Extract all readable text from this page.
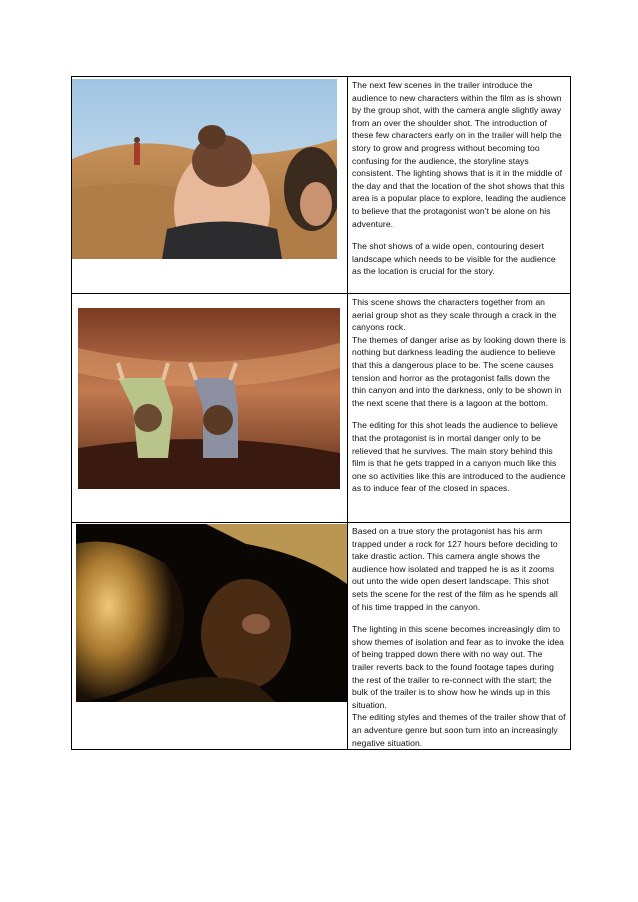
The next few scenes in the trailer introduce the audience to new characters within the film as is shown by the group shot, with the camera angle slightly away from an over the shoulder shot. The introduction of these few characters early on in the trailer will help the story to grow and progress without becoming too confusing for the audience, the storyline stays consistent. The lighting shows that is it in the middle of the day and that the location of the shot shows that this area is a popular place to explore, leading the audience to believe that the protagonist won’t be alone on his adventure.

The shot shows of a wide open, contouring desert landscape which needs to be visible for the audience as the location is crucial for the story.

This scene shows the characters together from an aerial group shot as they scale through a crack in the canyons rock.

The themes of danger arise as by looking down there is nothing but darkness leading the audience to believe that this a dangerous place to be. The scene causes tension and horror as the protagonist falls down the thin canyon and into the darkness, only to be shown in the next scene that there is a lagoon at the bottom.

The editing for this shot leads the audience to believe that the protagonist is in mortal danger only to be relieved that he survives. The main story behind this film is that he gets trapped in a canyon much like this one so activities like this are introduced to the audience as to induce fear of the closed in spaces.

Based on a true story the protagonist has his arm trapped under a rock for 127 hours before deciding to take drastic action. This camera angle shows the audience how isolated and trapped he is as it zooms out unto the wide open desert landscape. This shot sets the scene for the rest of the film as he spends all of his time trapped in the canyon.

The lighting in this scene becomes increasingly dim to show themes of isolation and fear as to invoke the idea of being trapped down there with no way out. The trailer reverts back to the found footage tapes during the rest of the trailer to re-connect with the start; the bulk of the trailer is to show how he winds up in this situation.

The editing styles and themes of the trailer show that of an adventure genre but soon turn into an increasingly negative situation.
